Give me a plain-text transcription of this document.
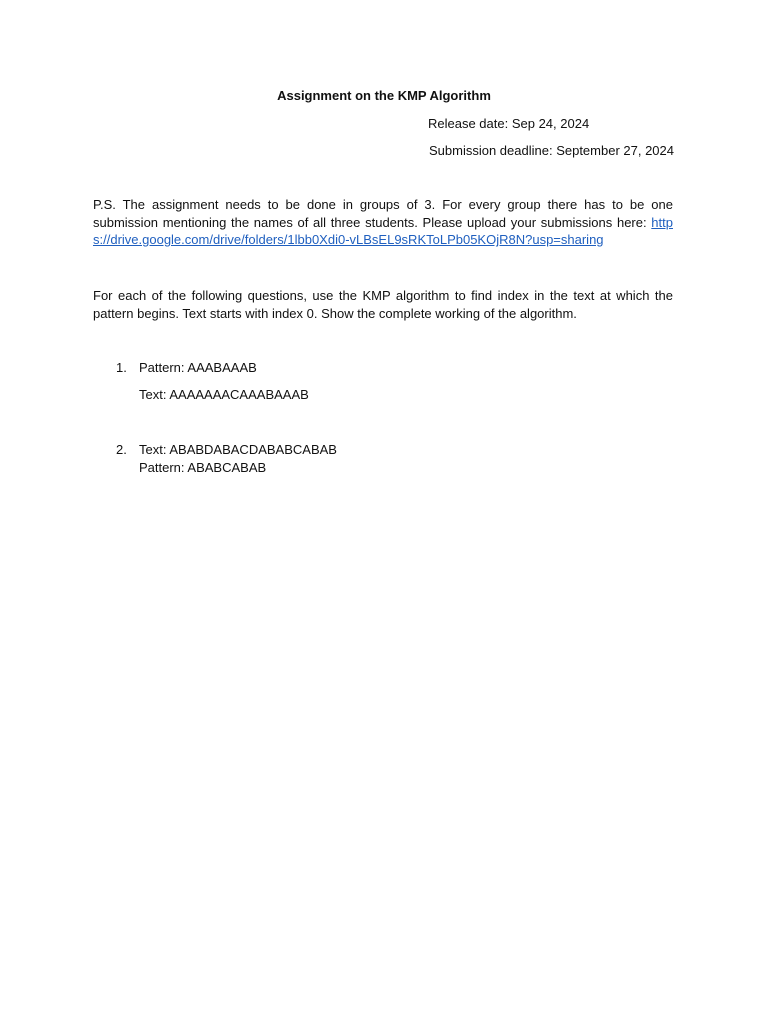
Assignment on the KMP Algorithm
Release date: Sep 24, 2024
Submission deadline: September 27, 2024
P.S. The assignment needs to be done in groups of 3. For every group there has to be one submission mentioning the names of all three students. Please upload your submissions here: https://drive.google.com/drive/folders/1lbb0Xdi0-vLBsEL9sRKToLPb05KOjR8N?usp=sharing
For each of the following questions, use the KMP algorithm to find index in the text at which the pattern begins. Text starts with index 0. Show the complete working of the algorithm.
1. Pattern: AAABAAAB
Text: AAAAAAACAAABAAAB
2. Text: ABABDABACDABABCABAB
Pattern: ABABCABAB
